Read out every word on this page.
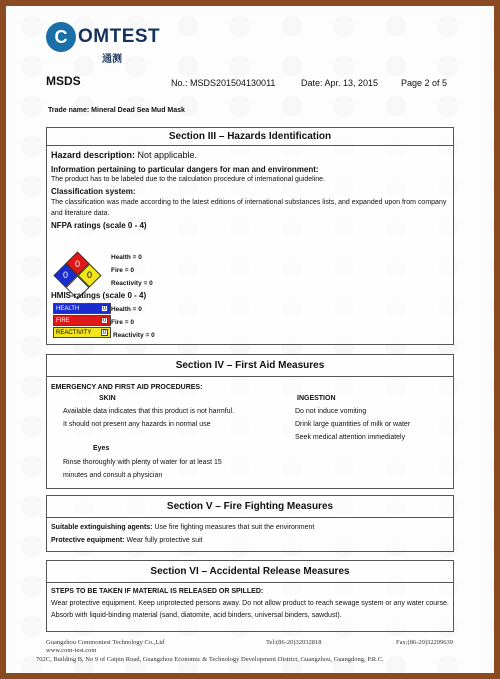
C OMTEST
通测
MSDS	No.: MSDS201504130011	Date: Apr. 13, 2015	Page 2 of 5
Trade name: Mineral Dead Sea Mud Mask
Section III – Hazards Identification
Hazard description: Not applicable.
Information pertaining to particular dangers for man and environment:
The product has to be labeled due to the calculation procedure of international guideline.
Classification system:
The classification was made according to the latest editions of international substances lists, and expanded upon from company and literature data.
NFPA ratings (scale 0 - 4)
0
0 0
Health = 0
Fire = 0
Reactivity = 0
HMIS-ratings (scale 0 - 4)
HEALTH	0
FIRE	0
REACTIVITY	0
Health = 0
Fire = 0
Reactivity = 0
Section IV – First Aid Measures
EMERGENCY AND FIRST AID PROCEDURES:
SKIN
Available data indicates that this product is not harmful.
It should not present any hazards in normal use
INGESTION
Do not induce vomiting
Drink large quantities of milk or water
Seek medical attention immediately
Eyes
Rinse thoroughly with plenty of water for at least 15
minutes and consult a physician
Section V – Fire Fighting Measures
Suitable extinguishing agents: Use fire fighting measures that suit the environment
Protective equipment: Wear fully protective suit
Section VI – Accidental Release Measures
STEPS TO BE TAKEN IF MATERIAL IS RELEASED OR SPILLED:
Wear protective equipment. Keep unprotected persons away. Do not allow product to reach sewage system or any water course. Absorb with liquid-binding material (sand, diatomite, acid binders, universal binders, sawdust).
Guangzhou Commontest Technology Co.,Ltd	Tel:(86-20)32032818	Fax:(86-20)32209639
www.com-test.com
702C, Building B, No 9 of Caipin Road, Guangzhou Economic & Technology Development District, Guangzhou, Guangdong, P.R.C.
